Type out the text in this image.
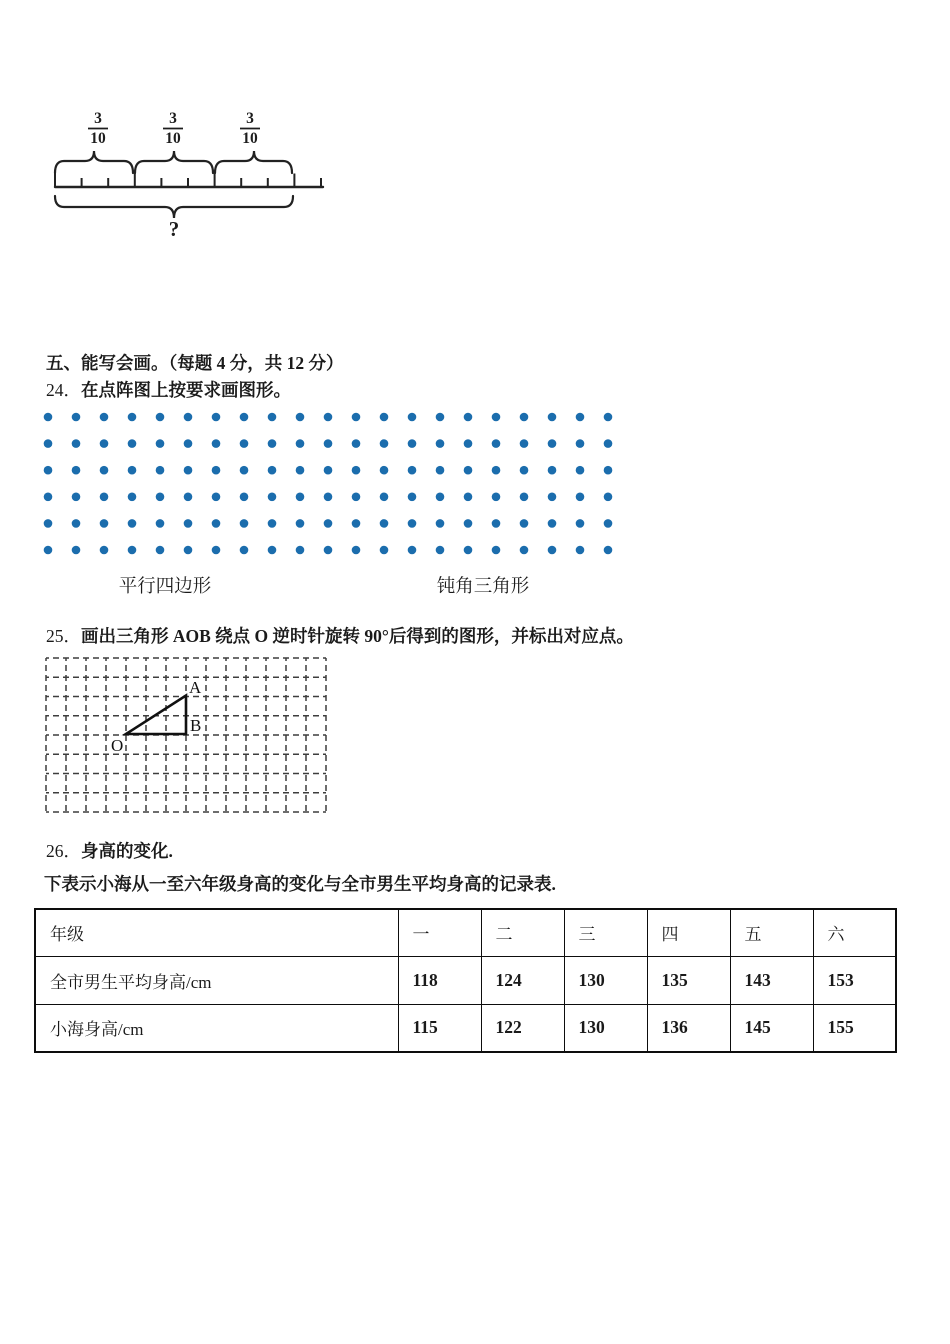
3
10
3
10
3
10
?
五、能写会画。（每题 4 分，共 12 分）
24．在点阵图上按要求画图形。
平行四边形	钝角三角形
25．画出三角形 AOB 绕点 O 逆时针旋转 90°后得到的图形，并标出对应点。
A
B
O
26．身高的变化.
下表示小海从一至六年级身高的变化与全市男生平均身高的记录表.
年级	一	二	三	四	五	六
全市男生平均身高/cm	118	124	130	135	143	153
小海身高/cm	115	122	130	136	145	155
